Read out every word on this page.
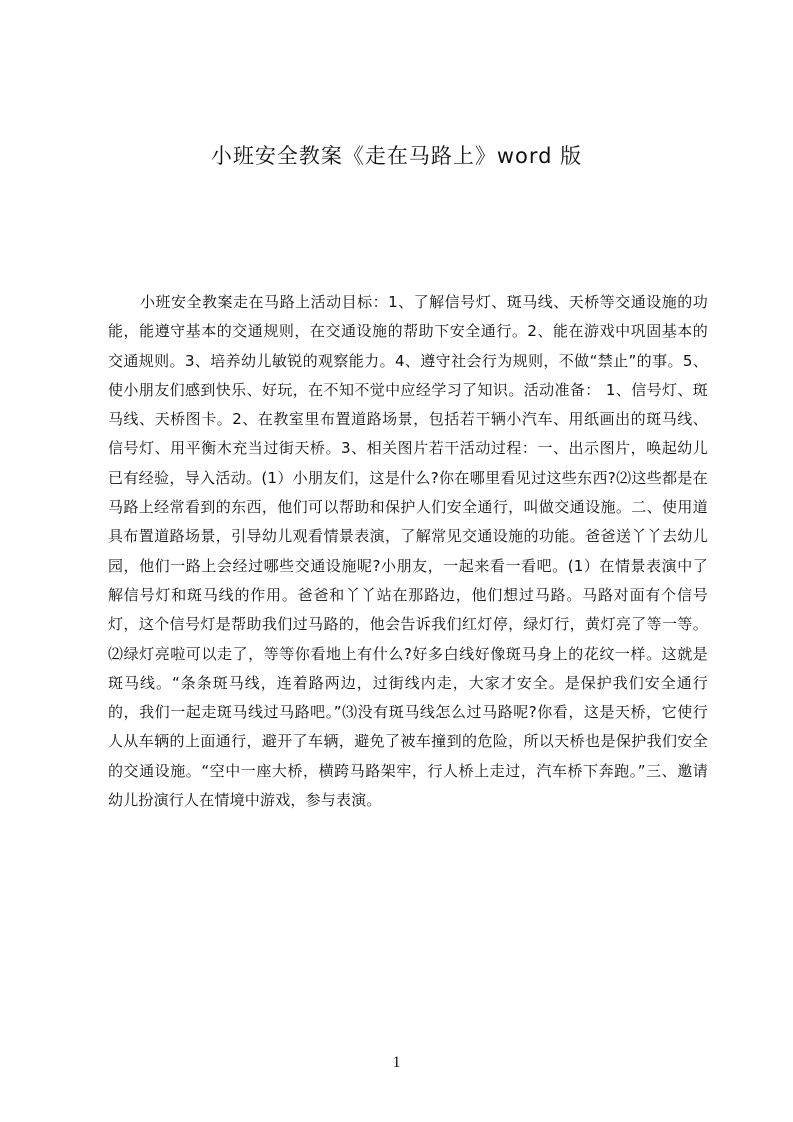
小班安全教案《走在马路上》word 版

小班安全教案走在马路上活动目标：1、了解信号灯、斑马线、天桥等交通设施的功能，能遵守基本的交通规则，在交通设施的帮助下安全通行。2、能在游戏中巩固基本的交通规则。3、培养幼儿敏锐的观察能力。4、遵守社会行为规则，不做“禁止”的事。5、使小朋友们感到快乐、好玩，在不知不觉中应经学习了知识。活动准备： 1、信号灯、斑马线、天桥图卡。2、在教室里布置道路场景，包括若干辆小汽车、用纸画出的斑马线、信号灯、用平衡木充当过街天桥。3、相关图片若干活动过程：一、出示图片，唤起幼儿已有经验，导入活动。(1）小朋友们，这是什么?你在哪里看见过这些东西?⑵这些都是在马路上经常看到的东西，他们可以帮助和保护人们安全通行，叫做交通设施。二、使用道具布置道路场景，引导幼儿观看情景表演，了解常见交通设施的功能。爸爸送丫丫去幼儿园，他们一路上会经过哪些交通设施呢?小朋友，一起来看一看吧。(1）在情景表演中了解信号灯和斑马线的作用。爸爸和丫丫站在那路边，他们想过马路。马路对面有个信号灯，这个信号灯是帮助我们过马路的，他会告诉我们红灯停，绿灯行，黄灯亮了等一等。⑵绿灯亮啦可以走了，等等你看地上有什么?好多白线好像斑马身上的花纹一样。这就是斑马线。“条条斑马线，连着路两边，过街线内走，大家才安全。是保护我们安全通行的，我们一起走斑马线过马路吧。”⑶没有斑马线怎么过马路呢?你看，这是天桥，它使行人从车辆的上面通行，避开了车辆，避免了被车撞到的危险，所以天桥也是保护我们安全的交通设施。“空中一座大桥，横跨马路架牢，行人桥上走过，汽车桥下奔跑。”三、邀请幼儿扮演行人在情境中游戏，参与表演。

1
